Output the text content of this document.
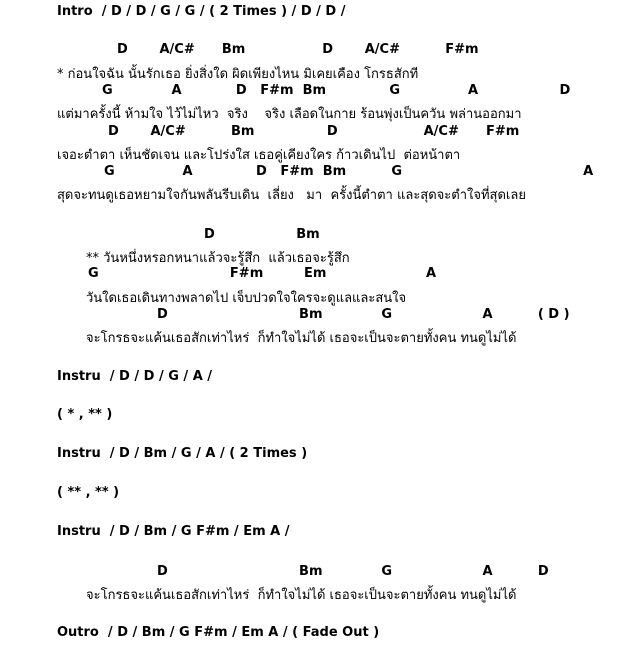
Intro  / D / D / G / G / ( 2 Times ) / D / D /
D       A/C#      Bm                 D       A/C#          F#m
* ก่อนใจฉัน นั้นรักเธอ ยิ่งสิ่งใด ผิดเพียงไหน มิเคยเคือง โกรธสักที
G             A            D   F#m  Bm              G               A                  D
แต่มาครั้งนี้ ห้ามใจ ไว้ไม่ไหว  จริง    จริง เลือดในกาย ร้อนพุ่งเป็นควัน พล่านออกมา
D       A/C#          Bm                D                   A/C#      F#m
เจอะตำตา เห็นชัดเจน และโปร่งใส เธอคู่เคียงใคร ก้าวเดินไป  ต่อหน้าตา
G               A              D   F#m  Bm          G                                        A
สุดจะทนดูเธอหยามใจกันพลันรีบเดิน  เลี่ยง   มา  ครั้งนี้ตำตา และสุดจะตำใจที่สุดเลย
D                  Bm
** วันหนึ่งหรอกหนาแล้วจะรู้สึก  แล้วเธอจะรู้สึก
G                             F#m         Em                      A
วันใดเธอเดินทางพลาดไป เจ็บปวดใจใครจะดูแลและสนใจ
D                             Bm             G                    A          ( D )
จะโกรธจะแค้นเธอสักเท่าไหร่  ก็ทำใจไม่ได้ เธอจะเป็นจะตายทั้งคน ทนดูไม่ได้
Instru  / D / D / G / A /
( * , ** )
Instru  / D / Bm / G / A / ( 2 Times )
( ** , ** )
Instru  / D / Bm / G F#m / Em A /
D                             Bm             G                    A          D
จะโกรธจะแค้นเธอสักเท่าไหร่  ก็ทำใจไม่ได้ เธอจะเป็นจะตายทั้งคน ทนดูไม่ได้
Outro  / D / Bm / G F#m / Em A / ( Fade Out )
